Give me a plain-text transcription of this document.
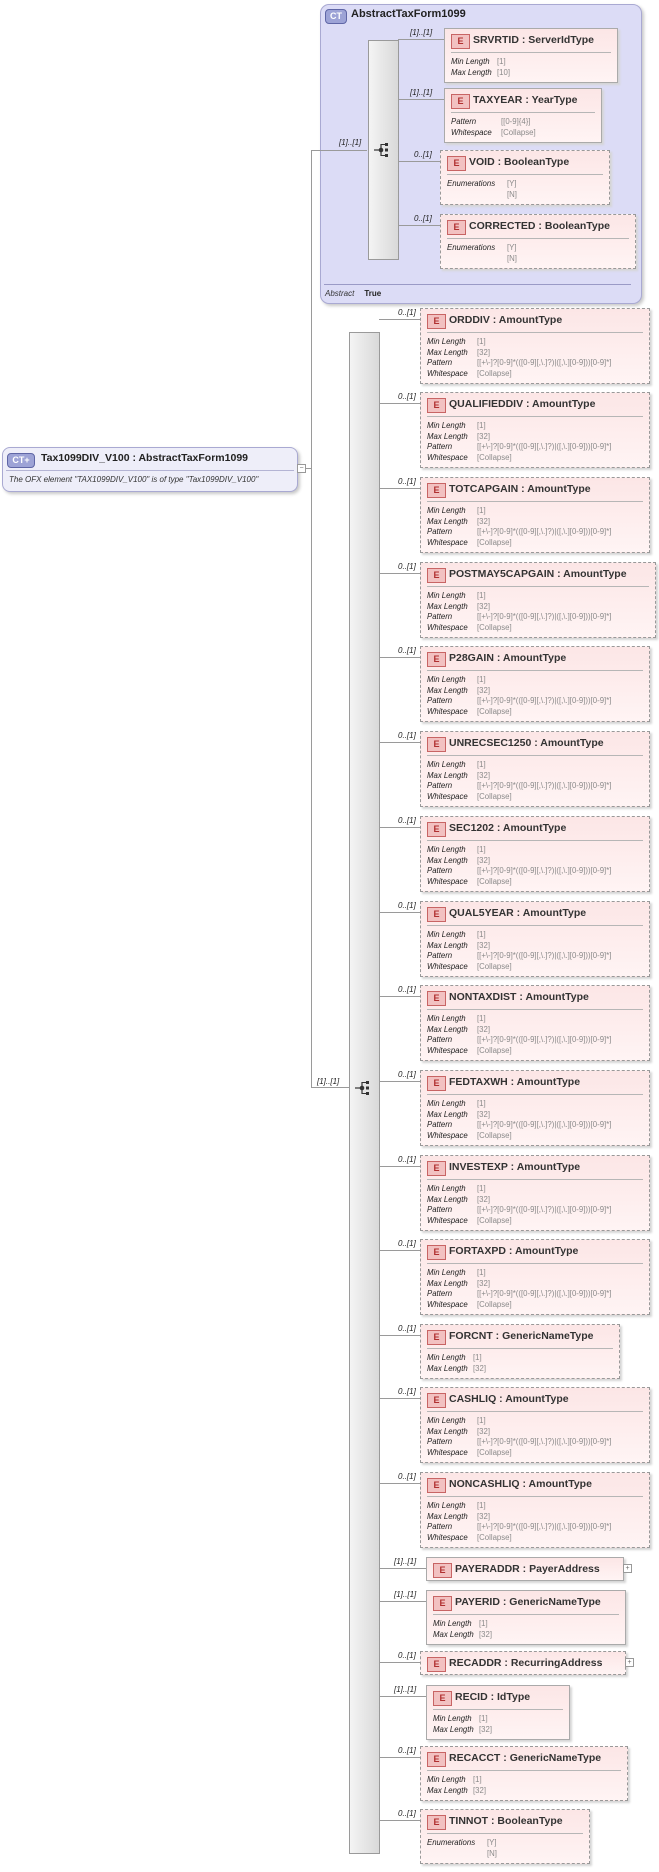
CT AbstractTaxForm1099
Abstract True
CT+	Tax1099DIV_V100 : AbstractTaxForm1099
The OFX element "TAX1099DIV_V100" is of type "Tax1099DIV_V100"
−
[1]..[1]
[1]..[1]
E SRVRTID : ServerIdType
Min Length [1]
Max Length [10]
[1]..[1]
E TAXYEAR : YearType
Pattern	[[0-9]{4}]
Whitespace [Collapse]
[1]..[1]
E VOID : BooleanType
Enumerations [Y]
[N]
0..[1]
E CORRECTED : BooleanType
Enumerations [Y]
[N]
0..[1]
E ORDDIV : AmountType
Min Length [1]
Max Length [32]
Pattern	[[+\-]?[0-9]*(([0-9][,\.]?)|([,\.][0-9]))[0-9]*]
Whitespace [Collapse]
0..[1]
E QUALIFIEDDIV : AmountType
Min Length [1]
Max Length [32]
Pattern	[[+\-]?[0-9]*(([0-9][,\.]?)|([,\.][0-9]))[0-9]*]
Whitespace [Collapse]
0..[1]
E TOTCAPGAIN : AmountType
Min Length [1]
Max Length [32]
Pattern	[[+\-]?[0-9]*(([0-9][,\.]?)|([,\.][0-9]))[0-9]*]
Whitespace [Collapse]
0..[1]
E POSTMAY5CAPGAIN : AmountType
Min Length [1]
Max Length [32]
Pattern	[[+\-]?[0-9]*(([0-9][,\.]?)|([,\.][0-9]))[0-9]*]
Whitespace [Collapse]
0..[1]
E P28GAIN : AmountType
Min Length [1]
Max Length [32]
Pattern	[[+\-]?[0-9]*(([0-9][,\.]?)|([,\.][0-9]))[0-9]*]
Whitespace [Collapse]
0..[1]
E UNRECSEC1250 : AmountType
Min Length [1]
Max Length [32]
Pattern	[[+\-]?[0-9]*(([0-9][,\.]?)|([,\.][0-9]))[0-9]*]
Whitespace [Collapse]
0..[1]
E SEC1202 : AmountType
Min Length [1]
Max Length [32]
Pattern	[[+\-]?[0-9]*(([0-9][,\.]?)|([,\.][0-9]))[0-9]*]
Whitespace [Collapse]
0..[1]
E QUAL5YEAR : AmountType
Min Length [1]
Max Length [32]
Pattern	[[+\-]?[0-9]*(([0-9][,\.]?)|([,\.][0-9]))[0-9]*]
Whitespace [Collapse]
0..[1]
E NONTAXDIST : AmountType
Min Length [1]
Max Length [32]
Pattern	[[+\-]?[0-9]*(([0-9][,\.]?)|([,\.][0-9]))[0-9]*]
Whitespace [Collapse]
0..[1]
E FEDTAXWH : AmountType
Min Length [1]
Max Length [32]
Pattern	[[+\-]?[0-9]*(([0-9][,\.]?)|([,\.][0-9]))[0-9]*]
Whitespace [Collapse]
0..[1]
E INVESTEXP : AmountType
Min Length [1]
Max Length [32]
Pattern	[[+\-]?[0-9]*(([0-9][,\.]?)|([,\.][0-9]))[0-9]*]
Whitespace [Collapse]
0..[1]
E FORTAXPD : AmountType
Min Length [1]
Max Length [32]
Pattern	[[+\-]?[0-9]*(([0-9][,\.]?)|([,\.][0-9]))[0-9]*]
Whitespace [Collapse]
0..[1]
E FORCNT : GenericNameType
Min Length [1]
Max Length [32]
0..[1]
E CASHLIQ : AmountType
Min Length [1]
Max Length [32]
Pattern	[[+\-]?[0-9]*(([0-9][,\.]?)|([,\.][0-9]))[0-9]*]
Whitespace [Collapse]
0..[1]
E NONCASHLIQ : AmountType
Min Length [1]
Max Length [32]
Pattern	[[+\-]?[0-9]*(([0-9][,\.]?)|([,\.][0-9]))[0-9]*]
Whitespace [Collapse]
0..[1]
E PAYERADDR : PayerAddress	+
[1]..[1]
E PAYERID : GenericNameType
Min Length [1]
Max Length [32]
[1]..[1]
E RECADDR : RecurringAddress	+
0..[1]
E RECID : IdType
Min Length [1]
Max Length [32]
[1]..[1]
E RECACCT : GenericNameType
Min Length [1]
Max Length [32]
0..[1]
E TINNOT : BooleanType
Enumerations [Y]
[N]
0..[1]
